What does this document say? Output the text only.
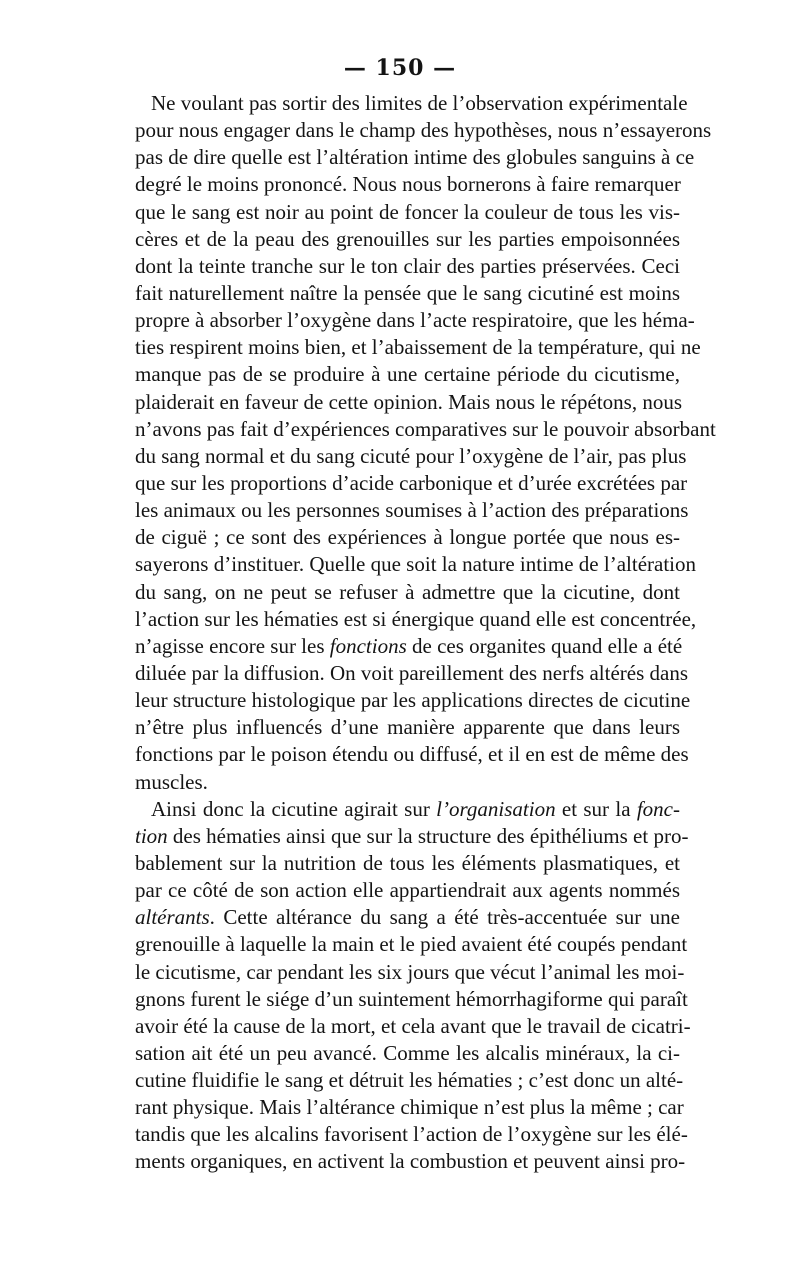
— 150 —
Ne voulant pas sortir des limites de l’observation expérimentale
pour nous engager dans le champ des hypothèses, nous n’essayerons
pas de dire quelle est l’altération intime des globules sanguins à ce
degré le moins prononcé. Nous nous bornerons à faire remarquer
que le sang est noir au point de foncer la couleur de tous les vis-
cères et de la peau des grenouilles sur les parties empoisonnées
dont la teinte tranche sur le ton clair des parties préservées. Ceci
fait naturellement naître la pensée que le sang cicutiné est moins
propre à absorber l’oxygène dans l’acte respiratoire, que les héma-
ties respirent moins bien, et l’abaissement de la température, qui ne
manque pas de se produire à une certaine période du cicutisme,
plaiderait en faveur de cette opinion. Mais nous le répétons, nous
n’avons pas fait d’expériences comparatives sur le pouvoir absorbant
du sang normal et du sang cicuté pour l’oxygène de l’air, pas plus
que sur les proportions d’acide carbonique et d’urée excrétées par
les animaux ou les personnes soumises à l’action des préparations
de ciguë ; ce sont des expériences à longue portée que nous es-
sayerons d’instituer. Quelle que soit la nature intime de l’altération
du sang, on ne peut se refuser à admettre que la cicutine, dont
l’action sur les hématies est si énergique quand elle est concentrée,
n’agisse encore sur les fonctions de ces organites quand elle a été
diluée par la diffusion. On voit pareillement des nerfs altérés dans
leur structure histologique par les applications directes de cicutine
n’être plus influencés d’une manière apparente que dans leurs
fonctions par le poison étendu ou diffusé, et il en est de même des
muscles.
Ainsi donc la cicutine agirait sur l’organisation et sur la fonc-
tion des hématies ainsi que sur la structure des épithéliums et pro-
bablement sur la nutrition de tous les éléments plasmatiques, et
par ce côté de son action elle appartiendrait aux agents nommés
altérants. Cette altérance du sang a été très-accentuée sur une
grenouille à laquelle la main et le pied avaient été coupés pendant
le cicutisme, car pendant les six jours que vécut l’animal les moi-
gnons furent le siége d’un suintement hémorrhagiforme qui paraît
avoir été la cause de la mort, et cela avant que le travail de cicatri-
sation ait été un peu avancé. Comme les alcalis minéraux, la ci-
cutine fluidifie le sang et détruit les hématies ; c’est donc un alté-
rant physique. Mais l’altérance chimique n’est plus la même ; car
tandis que les alcalins favorisent l’action de l’oxygène sur les élé-
ments organiques, en activent la combustion et peuvent ainsi pro-
